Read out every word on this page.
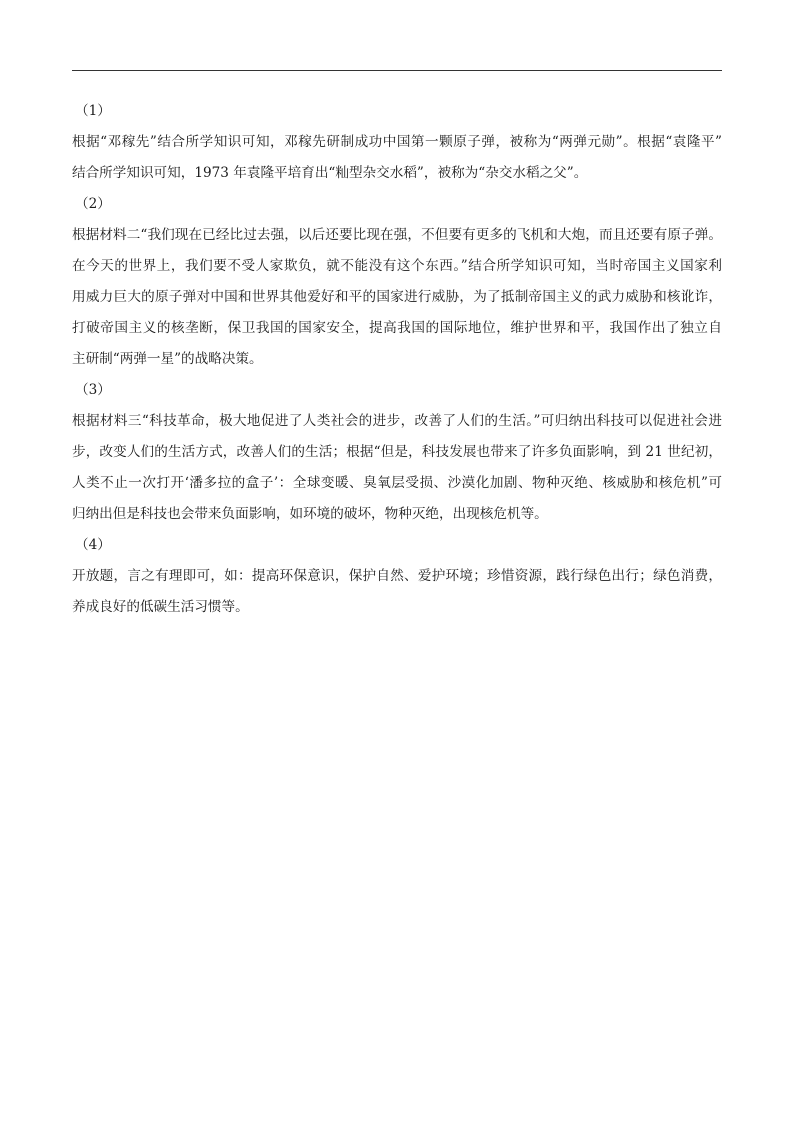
（1）
根据“邓稼先”结合所学知识可知，邓稼先研制成功中国第一颗原子弹，被称为“两弹元勋”。根据“袁隆平”
结合所学知识可知，1973 年袁隆平培育出“籼型杂交水稻”，被称为“杂交水稻之父”。
（2）
根据材料二“我们现在已经比过去强，以后还要比现在强，不但要有更多的飞机和大炮，而且还要有原子弹。
在今天的世界上，我们要不受人家欺负，就不能没有这个东西。”结合所学知识可知，当时帝国主义国家利
用威力巨大的原子弹对中国和世界其他爱好和平的国家进行威胁，为了抵制帝国主义的武力威胁和核讹诈，
打破帝国主义的核垄断，保卫我国的国家安全，提高我国的国际地位，维护世界和平，我国作出了独立自
主研制“两弹一星”的战略决策。
（3）
根据材料三“科技革命，极大地促进了人类社会的进步，改善了人们的生活。”可归纳出科技可以促进社会进
步，改变人们的生活方式，改善人们的生活；根据“但是，科技发展也带来了许多负面影响，到 21 世纪初，
人类不止一次打开‘潘多拉的盒子’：全球变暖、臭氧层受损、沙漠化加剧、物种灭绝、核威胁和核危机”可
归纳出但是科技也会带来负面影响，如环境的破坏，物种灭绝，出现核危机等。
（4）
开放题，言之有理即可，如：提高环保意识，保护自然、爱护环境；珍惜资源，践行绿色出行；绿色消费，
养成良好的低碳生活习惯等。
